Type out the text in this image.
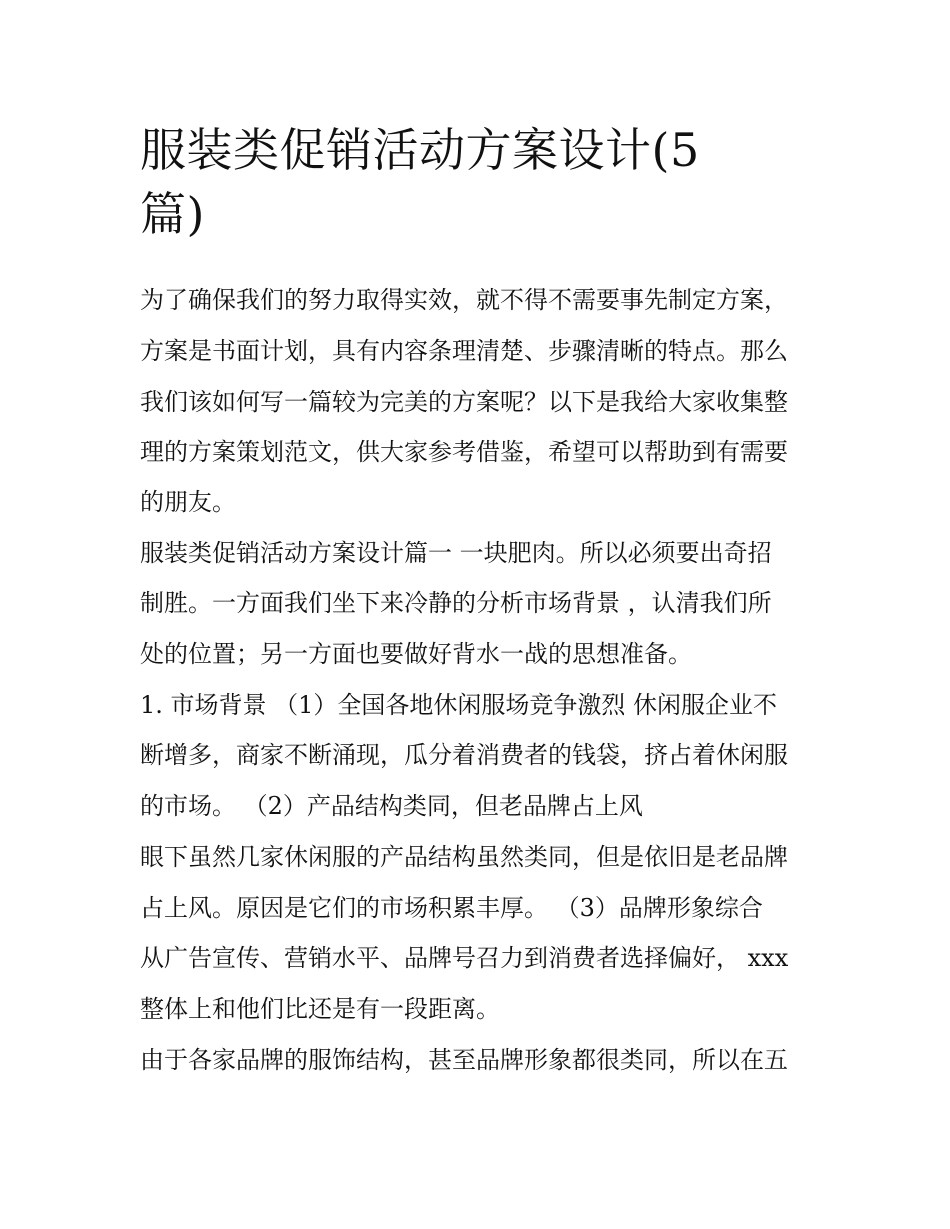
服装类促销活动方案设计(5
篇)

为了确保我们的努力取得实效，就不得不需要事先制定方案，

方案是书面计划，具有内容条理清楚、步骤清晰的特点。那么

我们该如何写一篇较为完美的方案呢？以下是我给大家收集整

理的方案策划范文，供大家参考借鉴，希望可以帮助到有需要

的朋友。

服装类促销活动方案设计篇一 一块肥肉。所以必须要出奇招

制胜。一方面我们坐下来冷静的分析市场背景 ，认清我们所

处的位置；另一方面也要做好背水一战的思想准备。

1. 市场背景 （1）全国各地休闲服场竞争激烈 休闲服企业不

断增多，商家不断涌现，瓜分着消费者的钱袋，挤占着休闲服

的市场。 （2）产品结构类同，但老品牌占上风

眼下虽然几家休闲服的产品结构虽然类同，但是依旧是老品牌

占上风。原因是它们的市场积累丰厚。 （3）品牌形象综合

从广告宣传、营销水平、品牌号召力到消费者选择偏好， xxx

整体上和他们比还是有一段距离。

由于各家品牌的服饰结构，甚至品牌形象都很类同，所以在五
